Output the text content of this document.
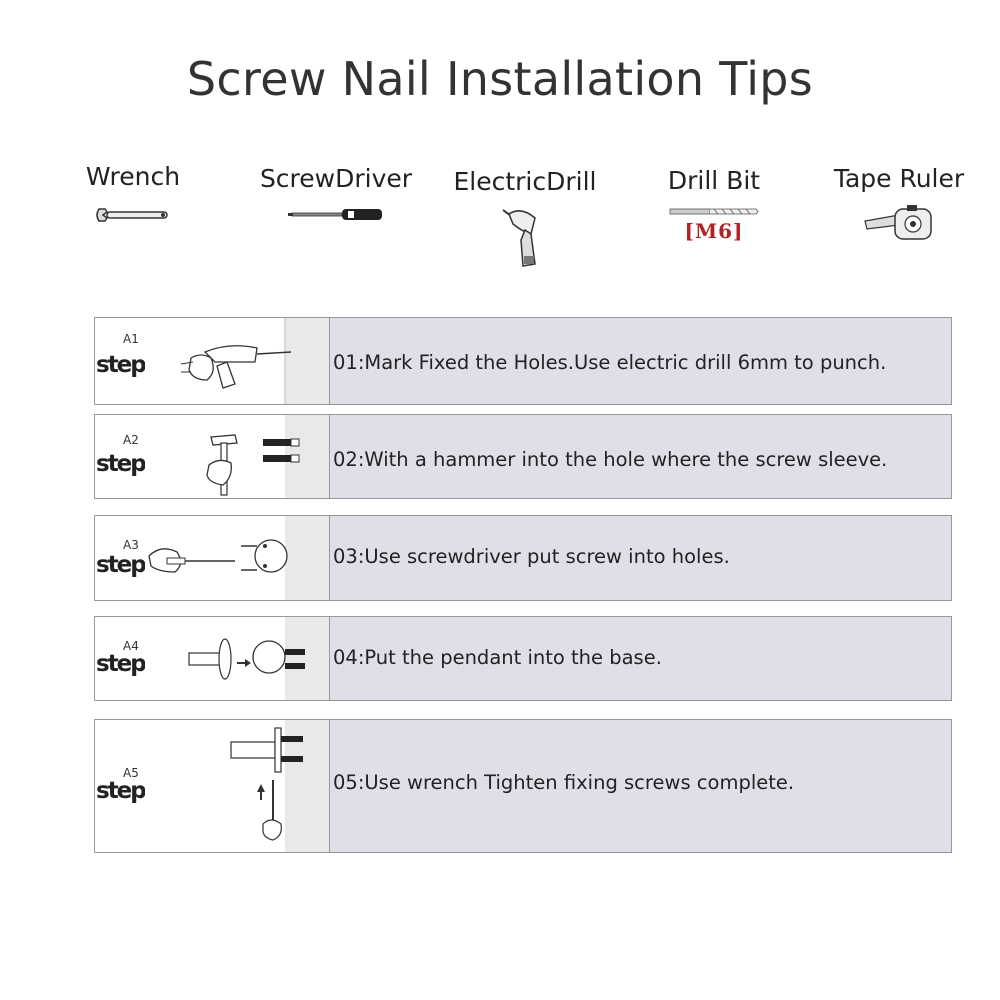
Screw Nail Installation Tips
Wrench	ScrewDriver ElectricDrill	Drill Bit
[M6]
Tape Ruler
A1
step	01:Mark Fixed the Holes.Use electric drill 6mm to punch.
A2
step	02:With a hammer into the hole where the screw sleeve.
A3
step	03:Use screwdriver put screw into holes.
A4
step	04:Put the pendant into the base.
A5
step	05:Use wrench Tighten fixing screws complete.
